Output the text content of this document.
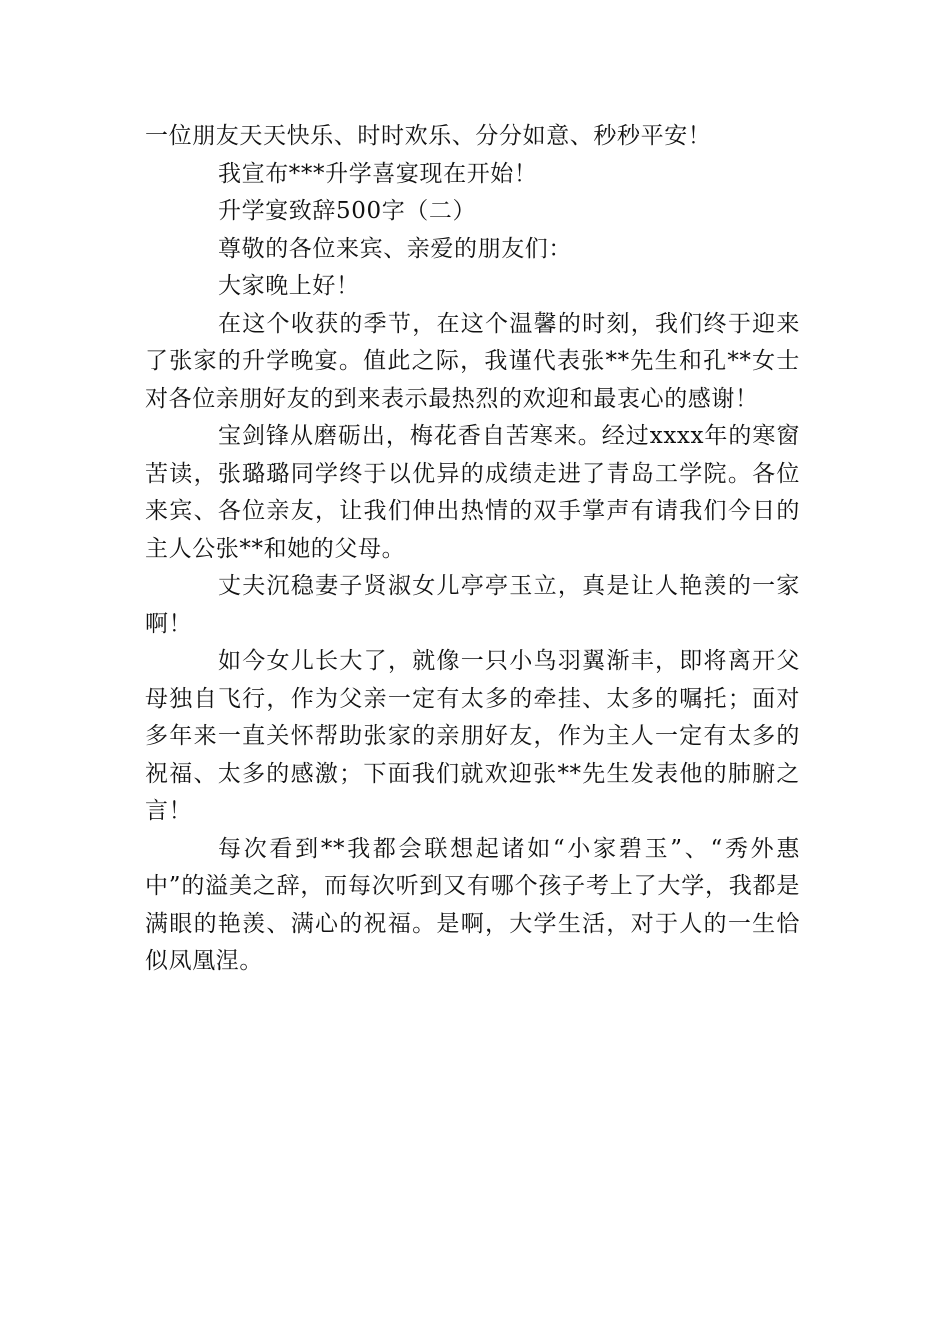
一位朋友天天快乐、时时欢乐、分分如意、秒秒平安！

我宣布***升学喜宴现在开始！

升学宴致辞500字（二）

尊敬的各位来宾、亲爱的朋友们：

大家晚上好！

在这个收获的季节，在这个温馨的时刻，我们终于迎来了张家的升学晚宴。值此之际，我谨代表张**先生和孔**女士对各位亲朋好友的到来表示最热烈的欢迎和最衷心的感谢！

宝剑锋从磨砺出，梅花香自苦寒来。经过xxxx年的寒窗苦读，张璐璐同学终于以优异的成绩走进了青岛工学院。各位来宾、各位亲友，让我们伸出热情的双手掌声有请我们今日的主人公张**和她的父母。

丈夫沉稳妻子贤淑女儿亭亭玉立，真是让人艳羡的一家啊！

如今女儿长大了，就像一只小鸟羽翼渐丰，即将离开父母独自飞行，作为父亲一定有太多的牵挂、太多的嘱托；面对多年来一直关怀帮助张家的亲朋好友，作为主人一定有太多的祝福、太多的感激；下面我们就欢迎张**先生发表他的肺腑之言！

每次看到**我都会联想起诸如“小家碧玉”、“秀外惠中”的溢美之辞，而每次听到又有哪个孩子考上了大学，我都是满眼的艳羡、满心的祝福。是啊，大学生活，对于人的一生恰似凤凰涅。
